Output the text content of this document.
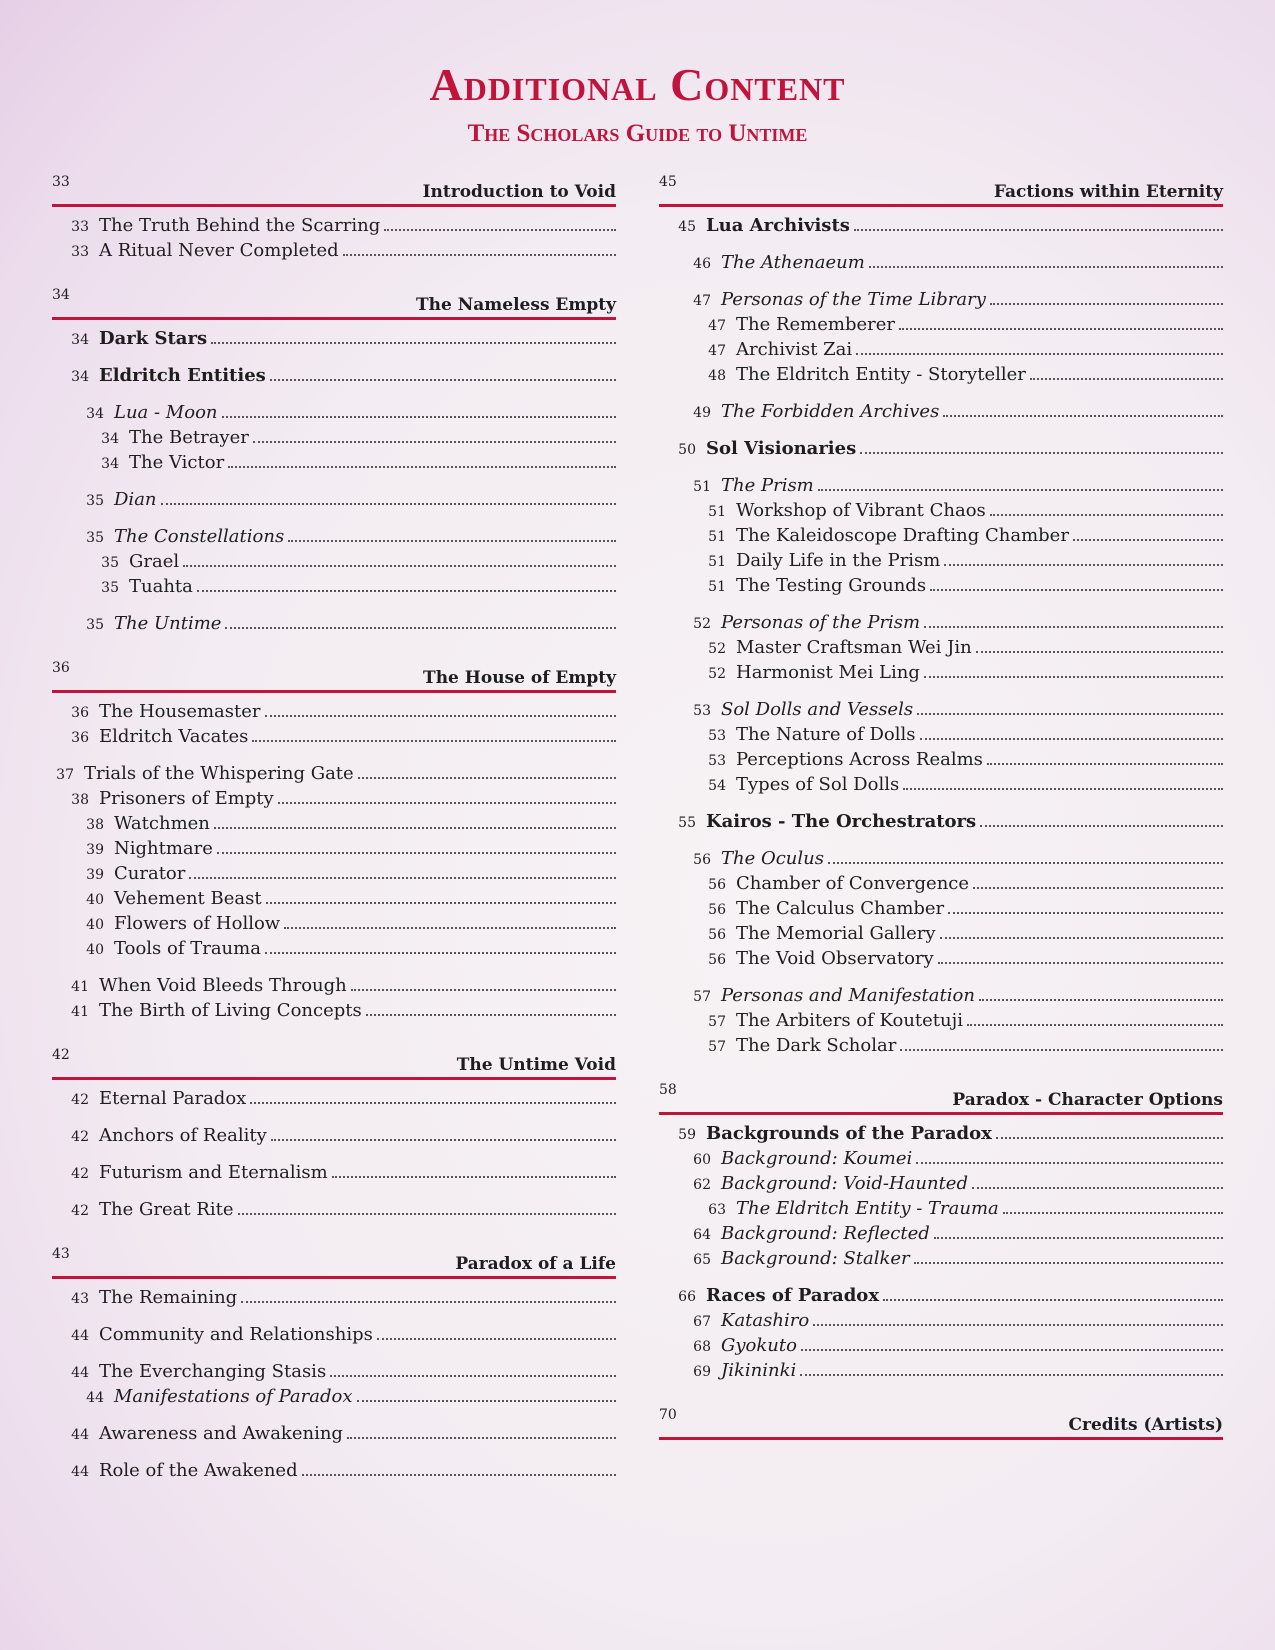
Additional Content
The Scholars Guide to Untime
33	Introduction to Void
33 The Truth Behind the Scarring
33 A Ritual Never Completed
34	The Nameless Empty
34 Dark Stars
34 Eldritch Entities
34 Lua - Moon
34 The Betrayer
34 The Victor
35 Dian
35 The Constellations
35 Grael
35 Tuahta
35 The Untime
36	The House of Empty
36 The Housemaster
36 Eldritch Vacates
37 Trials of the Whispering Gate
38 Prisoners of Empty
38 Watchmen
39 Nightmare
39 Curator
40 Vehement Beast
40 Flowers of Hollow
40 Tools of Trauma
41 When Void Bleeds Through
41 The Birth of Living Concepts
42	The Untime Void
42 Eternal Paradox
42 Anchors of Reality
42 Futurism and Eternalism
42 The Great Rite
43	Paradox of a Life
43 The Remaining
44 Community and Relationships
44 The Everchanging Stasis
44 Manifestations of Paradox
44 Awareness and Awakening
44 Role of the Awakened
45	Factions within Eternity
45 Lua Archivists
46 The Athenaeum
47 Personas of the Time Library
47 The Rememberer
47 Archivist Zai
48 The Eldritch Entity - Storyteller
49 The Forbidden Archives
50 Sol Visionaries
51 The Prism
51 Workshop of Vibrant Chaos
51 The Kaleidoscope Drafting Chamber
51 Daily Life in the Prism
51 The Testing Grounds
52 Personas of the Prism
52 Master Craftsman Wei Jin
52 Harmonist Mei Ling
53 Sol Dolls and Vessels
53 The Nature of Dolls
53 Perceptions Across Realms
54 Types of Sol Dolls
55 Kairos - The Orchestrators
56 The Oculus
56 Chamber of Convergence
56 The Calculus Chamber
56 The Memorial Gallery
56 The Void Observatory
57 Personas and Manifestation
57 The Arbiters of Koutetuji
57 The Dark Scholar
58	Paradox - Character Options
59 Backgrounds of the Paradox
60 Background: Koumei
62 Background: Void-Haunted
63 The Eldritch Entity - Trauma
64 Background: Reflected
65 Background: Stalker
66 Races of Paradox
67 Katashiro
68 Gyokuto
69 Jikininki
70	Credits (Artists)
